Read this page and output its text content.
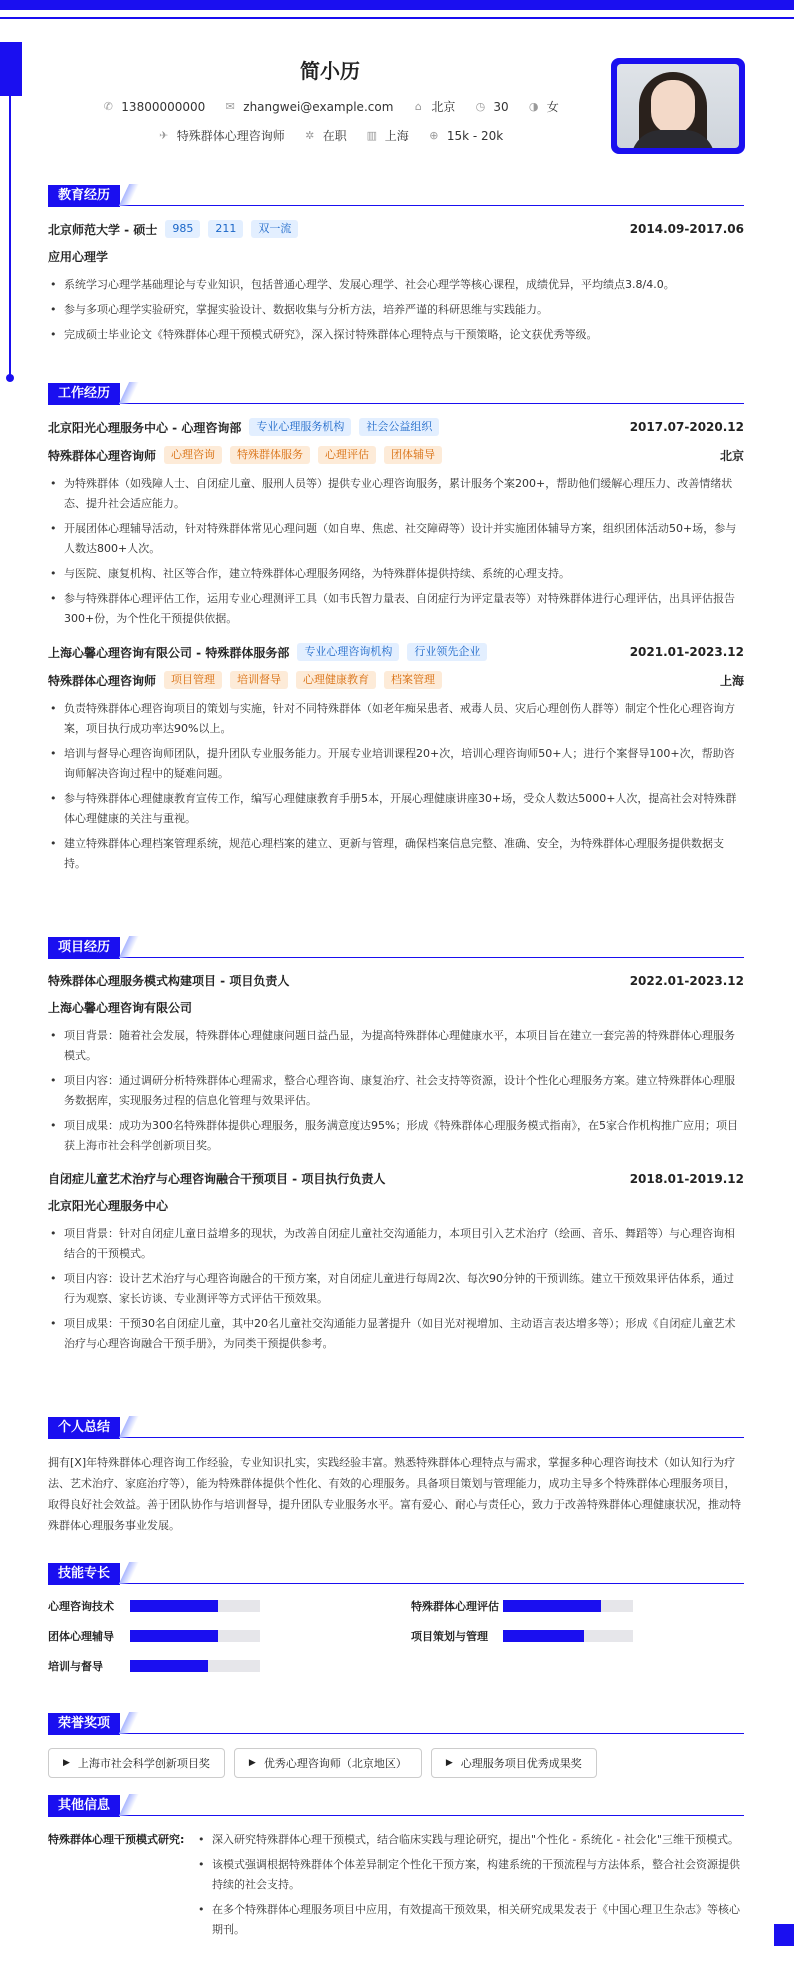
简小历
✆ 13800000000 ✉ zhangwei@example.com	⌂ 北京 ◷ 30 ◑ 女
✈ 特殊群体心理咨询师 ✲ 在职 ▥ 上海 ⊕ 15k - 20k
教育经历
北京师范大学 - 硕士	985	211	双一流	2014.09-2017.06
应用心理学
• 系统学习心理学基础理论与专业知识，包括普通心理学、发展心理学、社会心理学等核心课程，成绩优异，平均绩点3.8/4.0。
• 参与多项心理学实验研究，掌握实验设计、数据收集与分析方法，培养严谨的科研思维与实践能力。
• 完成硕士毕业论文《特殊群体心理干预模式研究》，深入探讨特殊群体心理特点与干预策略，论文获优秀等级。
工作经历
北京阳光心理服务中心 - 心理咨询部	专业心理服务机构	社会公益组织	2017.07-2020.12
特殊群体心理咨询师	心理咨询	特殊群体服务	心理评估	团体辅导	北京
• 为特殊群体（如残障人士、自闭症儿童、服刑人员等）提供专业心理咨询服务，累计服务个案200+，帮助他们缓解心理压力、改善情绪状态、提升社会适应能力。
• 开展团体心理辅导活动，针对特殊群体常见心理问题（如自卑、焦虑、社交障碍等）设计并实施团体辅导方案，组织团体活动50+场，参与人数达800+人次。
• 与医院、康复机构、社区等合作，建立特殊群体心理服务网络，为特殊群体提供持续、系统的心理支持。
• 参与特殊群体心理评估工作，运用专业心理测评工具（如韦氏智力量表、自闭症行为评定量表等）对特殊群体进行心理评估，出具评估报告300+份，为个性化干预提供依据。
上海心馨心理咨询有限公司 - 特殊群体服务部	专业心理咨询机构	行业领先企业	2021.01-2023.12
特殊群体心理咨询师	项目管理	培训督导	心理健康教育	档案管理	上海
• 负责特殊群体心理咨询项目的策划与实施，针对不同特殊群体（如老年痴呆患者、戒毒人员、灾后心理创伤人群等）制定个性化心理咨询方案，项目执行成功率达90%以上。
• 培训与督导心理咨询师团队，提升团队专业服务能力。开展专业培训课程20+次，培训心理咨询师50+人；进行个案督导100+次，帮助咨询师解决咨询过程中的疑难问题。
• 参与特殊群体心理健康教育宣传工作，编写心理健康教育手册5本，开展心理健康讲座30+场，受众人数达5000+人次，提高社会对特殊群体心理健康的关注与重视。
• 建立特殊群体心理档案管理系统，规范心理档案的建立、更新与管理，确保档案信息完整、准确、安全，为特殊群体心理服务提供数据支持。
项目经历
特殊群体心理服务模式构建项目 - 项目负责人	2022.01-2023.12
上海心馨心理咨询有限公司
• 项目背景：随着社会发展，特殊群体心理健康问题日益凸显，为提高特殊群体心理健康水平，本项目旨在建立一套完善的特殊群体心理服务模式。
• 项目内容：通过调研分析特殊群体心理需求，整合心理咨询、康复治疗、社会支持等资源，设计个性化心理服务方案。建立特殊群体心理服务数据库，实现服务过程的信息化管理与效果评估。
• 项目成果：成功为300名特殊群体提供心理服务，服务满意度达95%；形成《特殊群体心理服务模式指南》，在5家合作机构推广应用；项目获上海市社会科学创新项目奖。
自闭症儿童艺术治疗与心理咨询融合干预项目 - 项目执行负责人	2018.01-2019.12
北京阳光心理服务中心
• 项目背景：针对自闭症儿童日益增多的现状，为改善自闭症儿童社交沟通能力，本项目引入艺术治疗（绘画、音乐、舞蹈等）与心理咨询相结合的干预模式。
• 项目内容：设计艺术治疗与心理咨询融合的干预方案，对自闭症儿童进行每周2次、每次90分钟的干预训练。建立干预效果评估体系，通过行为观察、家长访谈、专业测评等方式评估干预效果。
• 项目成果：干预30名自闭症儿童，其中20名儿童社交沟通能力显著提升（如目光对视增加、主动语言表达增多等）；形成《自闭症儿童艺术治疗与心理咨询融合干预手册》，为同类干预提供参考。
个人总结
拥有[X]年特殊群体心理咨询工作经验，专业知识扎实，实践经验丰富。熟悉特殊群体心理特点与需求，掌握多种心理咨询技术（如认知行为疗法、艺术治疗、家庭治疗等），能为特殊群体提供个性化、有效的心理服务。具备项目策划与管理能力，成功主导多个特殊群体心理服务项目，取得良好社会效益。善于团队协作与培训督导，提升团队专业服务水平。富有爱心、耐心与责任心，致力于改善特殊群体心理健康状况，推动特殊群体心理服务事业发展。
技能专长
心理咨询技术	特殊群体心理评估
团体心理辅导	项目策划与管理
培训与督导
荣誉奖项
▶ 上海市社会科学创新项目奖	▶ 优秀心理咨询师（北京地区）	▶ 心理服务项目优秀成果奖
其他信息
特殊群体心理干预模式研究:
•	深入研究特殊群体心理干预模式，结合临床实践与理论研究，提出"个性化 - 系统化 - 社会化"三维干预模式。
• 该模式强调根据特殊群体个体差异制定个性化干预方案，构建系统的干预流程与方法体系，整合社会资源提供持续的社会支持。
• 在多个特殊群体心理服务项目中应用，有效提高干预效果，相关研究成果发表于《中国心理卫生杂志》等核心期刊。
